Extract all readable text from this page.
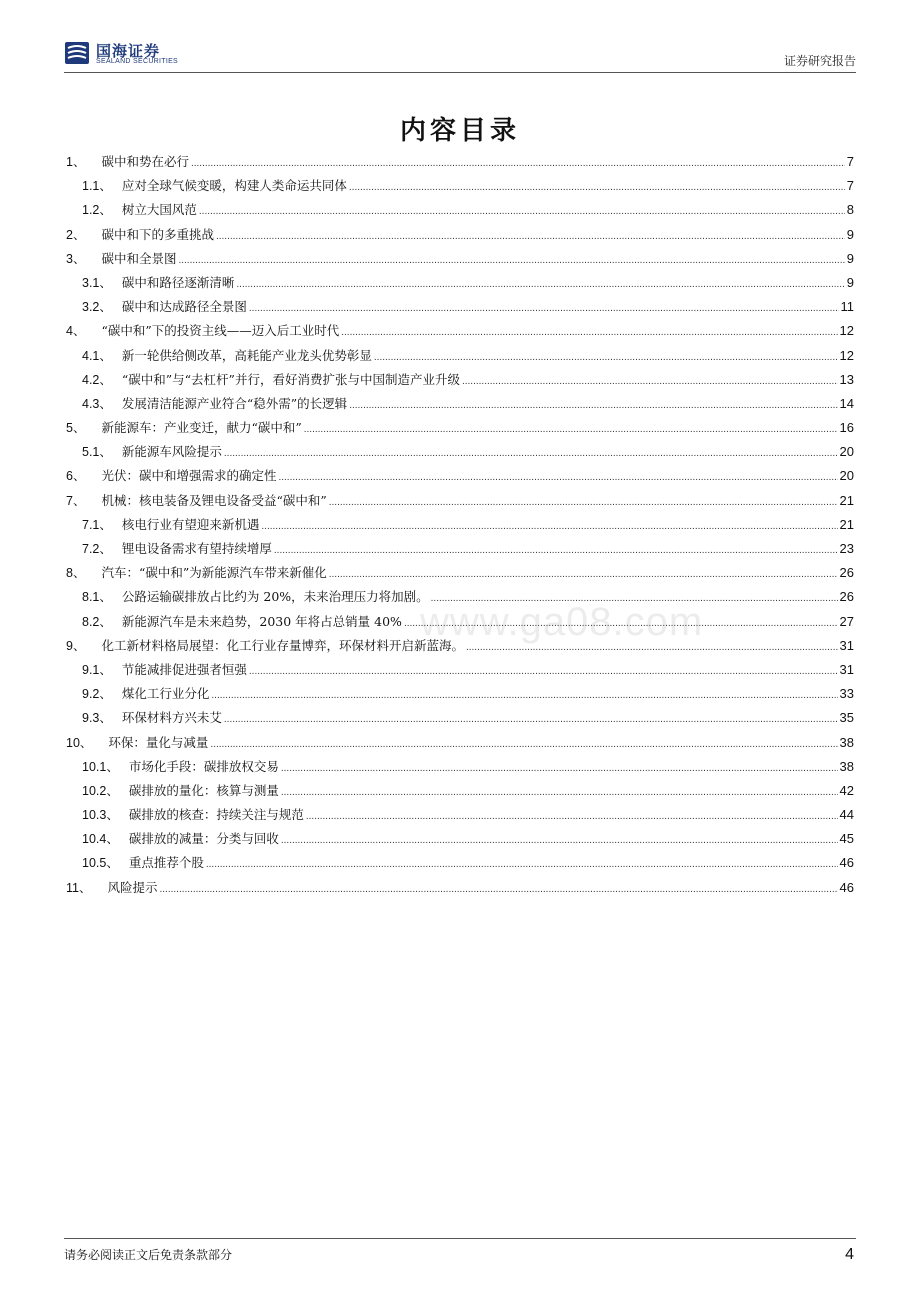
国海证券
SEALAND SECURITIES	证券研究报告
内容目录
1、	碳中和势在必行 .....	7
1.1、 应对全球气候变暖，构建人类命运共同体 .....	7
1.2、 树立大国风范 .....	8
2、	碳中和下的多重挑战 .....	9
3、	碳中和全景图 .....	9
3.1、 碳中和路径逐渐清晰 .....	9
3.2、 碳中和达成路径全景图 .....	11
4、	“碳中和”下的投资主线——迈入后工业时代 .....	12
4.1、 新一轮供给侧改革，高耗能产业龙头优势彰显 .....	12
4.2、 “碳中和”与“去杠杆”并行，看好消费扩张与中国制造产业升级 .....	13
4.3、 发展清洁能源产业符合“稳外需”的长逻辑 .....	14
5、	新能源车：产业变迁，献力“碳中和” .....	16
5.1、 新能源车风险提示 .....	20
6、	光伏：碳中和增强需求的确定性 .....	20
7、	机械：核电装备及锂电设备受益“碳中和” .....	21
7.1、 核电行业有望迎来新机遇 .....	21
7.2、 锂电设备需求有望持续增厚 .....	23
8、	汽车：“碳中和”为新能源汽车带来新催化 .....	26
8.1、 公路运输碳排放占比约为 20%，未来治理压力将加剧。 .....	26
8.2、 新能源汽车是未来趋势，2030 年将占总销量 40% .....	27
9、	化工新材料格局展望：化工行业存量博弈，环保材料开启新蓝海。 .....	31
9.1、 节能减排促进强者恒强 .....	31
9.2、 煤化工行业分化 .....	33
9.3、 环保材料方兴未艾 .....	35
10、	环保：量化与减量 .....	38
10.1、 市场化手段：碳排放权交易 .....	38
10.2、 碳排放的量化：核算与测量 .....	42
10.3、 碳排放的核查：持续关注与规范 .....	44
10.4、 碳排放的减量：分类与回收 .....	45
10.5、 重点推荐个股 .....	46
11、	风险提示 .....	46
www.ga08.com
请务必阅读正文后免责条款部分	4
